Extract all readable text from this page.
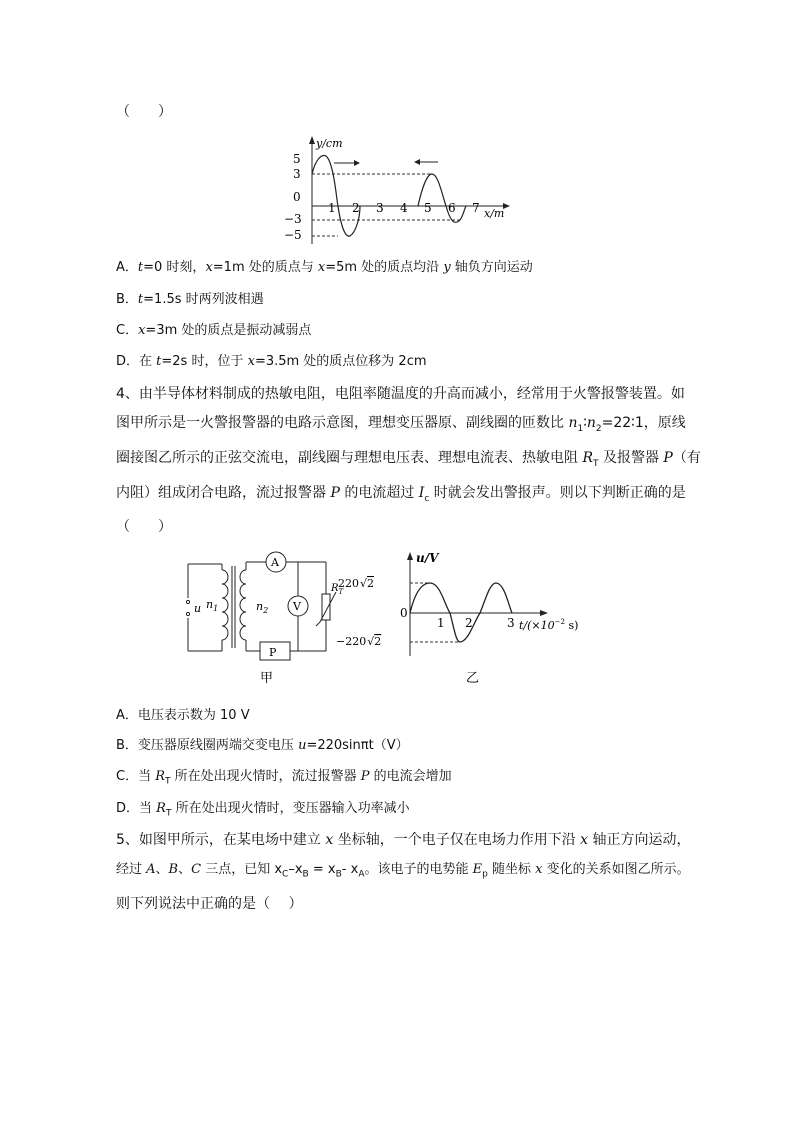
（　　）
y/cm
x/m
5
3
0
−3
−5
1 2 3 4 5 6 7
A．t=0 时刻，x=1m 处的质点与 x=5m 处的质点均沿 y 轴负方向运动
B．t=1.5s 时两列波相遇
C．x=3m 处的质点是振动减弱点
D．在 t=2s 时，位于 x=3.5m 处的质点位移为 2cm
4、由半导体材料制成的热敏电阻，电阻率随温度的升高而减小，经常用于火警报警装置。如
图甲所示是一火警报警器的电路示意图，理想变压器原、副线圈的匝数比 $n_1∶n_2=22∶1$，原线
圈接图乙所示的正弦交流电，副线圈与理想电压表、理想电流表、热敏电阻 $R_T$ 及报警器 P（有
内阻）组成闭合电路，流过报警器 P 的电流超过 $I_c$ 时就会发出警报声。则以下判断正确的是
（　　）
u $n_1$	$n_2$
A
P
V
$R_T$
甲
u/V
220√2
−220√2
0
1 2	3 $t/(\times 10^{-2}$ s)
乙
A．电压表示数为 10 V
B．变压器原线圈两端交变电压 u=220sinπt（V）
C．当 $R_T$ 所在处出现火情时，流过报警器 P 的电流会增加
D．当 $R_T$ 所在处出现火情时，变压器输入功率减小
5、如图甲所示，在某电场中建立 x 坐标轴，一个电子仅在电场力作用下沿 x 轴正方向运动，
经过 A、B、C 三点，已知 $x_C-x_B = x_B-$ $x_A$。该电子的电势能 $E_p$ 随坐标 x 变化的关系如图乙所示。
则下列说法中正确的是（　 ）
